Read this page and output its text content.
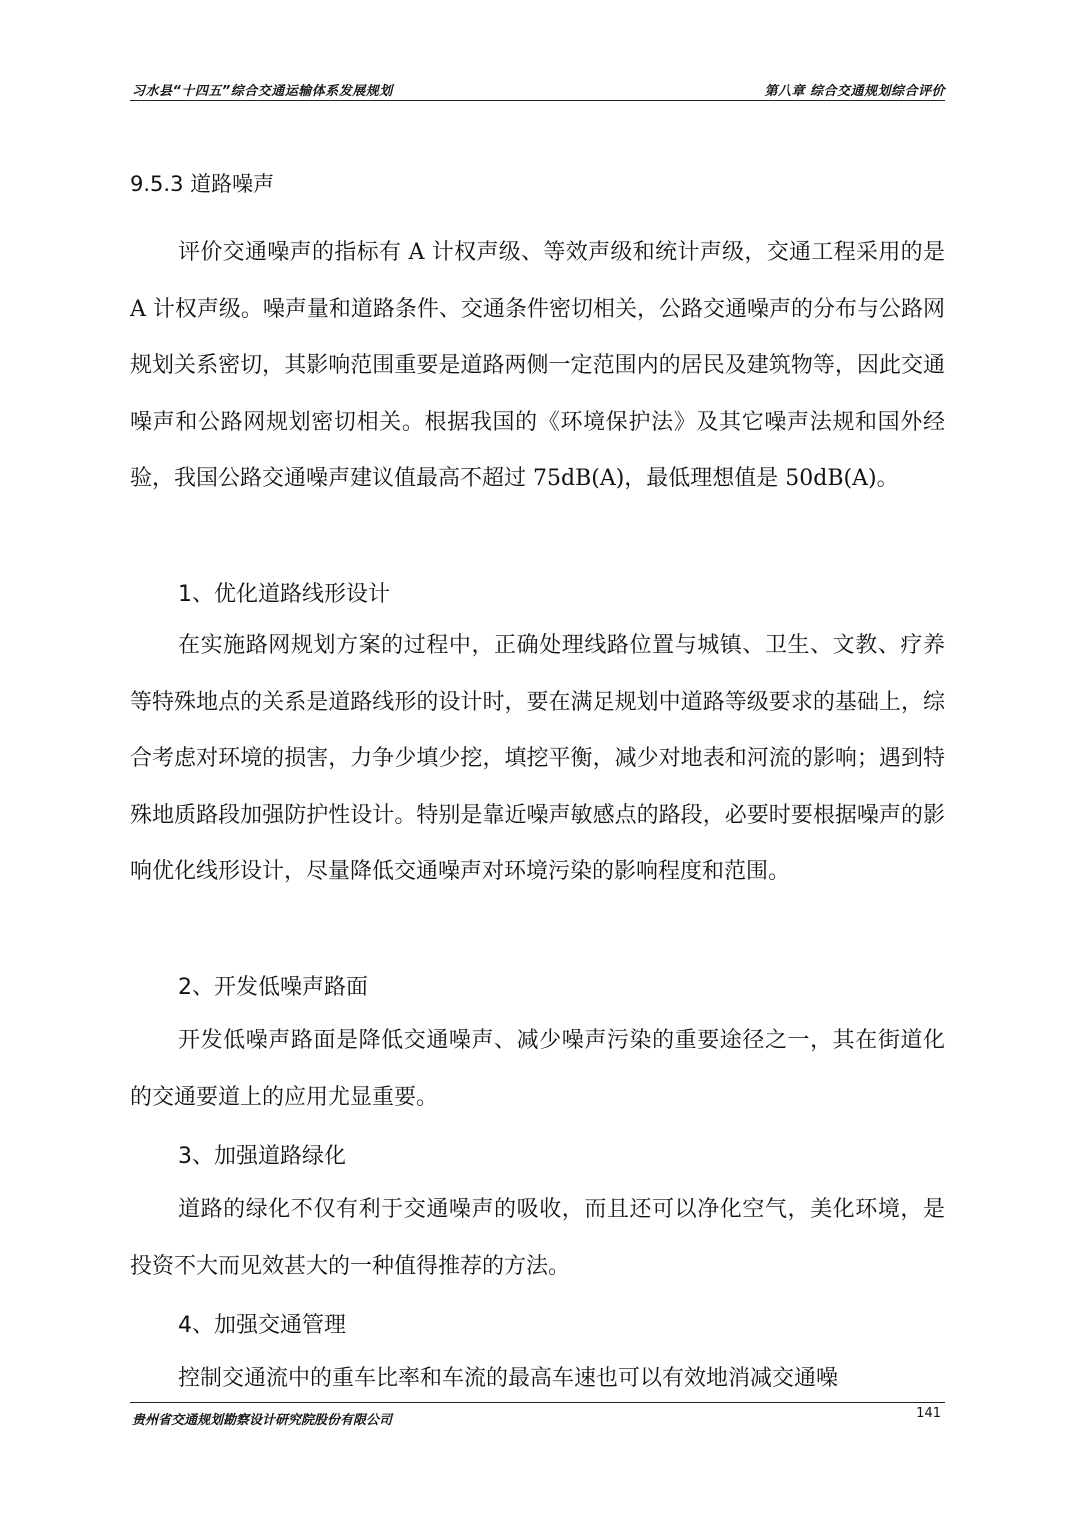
习水县“十四五”综合交通运输体系发展规划	第八章 综合交通规划综合评价
9.5.3 道路噪声

评价交通噪声的指标有 A 计权声级、等效声级和统计声级，交通工程采用的是 A 计权声级。噪声量和道路条件、交通条件密切相关，公路交通噪声的分布与公路网规划关系密切，其影响范围重要是道路两侧一定范围内的居民及建筑物等，因此交通噪声和公路网规划密切相关。根据我国的《环境保护法》及其它噪声法规和国外经验，我国公路交通噪声建议值最高不超过 75dB(A)，最低理想值是 50dB(A)。

1、优化道路线形设计

在实施路网规划方案的过程中，正确处理线路位置与城镇、卫生、文教、疗养等特殊地点的关系是道路线形的设计时，要在满足规划中道路等级要求的基础上，综合考虑对环境的损害，力争少填少挖，填挖平衡，减少对地表和河流的影响；遇到特殊地质路段加强防护性设计。特别是靠近噪声敏感点的路段，必要时要根据噪声的影响优化线形设计，尽量降低交通噪声对环境污染的影响程度和范围。

2、开发低噪声路面

开发低噪声路面是降低交通噪声、减少噪声污染的重要途径之一，其在街道化的交通要道上的应用尤显重要。

3、加强道路绿化

道路的绿化不仅有利于交通噪声的吸收，而且还可以净化空气，美化环境，是投资不大而见效甚大的一种值得推荐的方法。

4、加强交通管理

控制交通流中的重车比率和车流的最高车速也可以有效地消减交通噪

贵州省交通规划勘察设计研究院股份有限公司	141
